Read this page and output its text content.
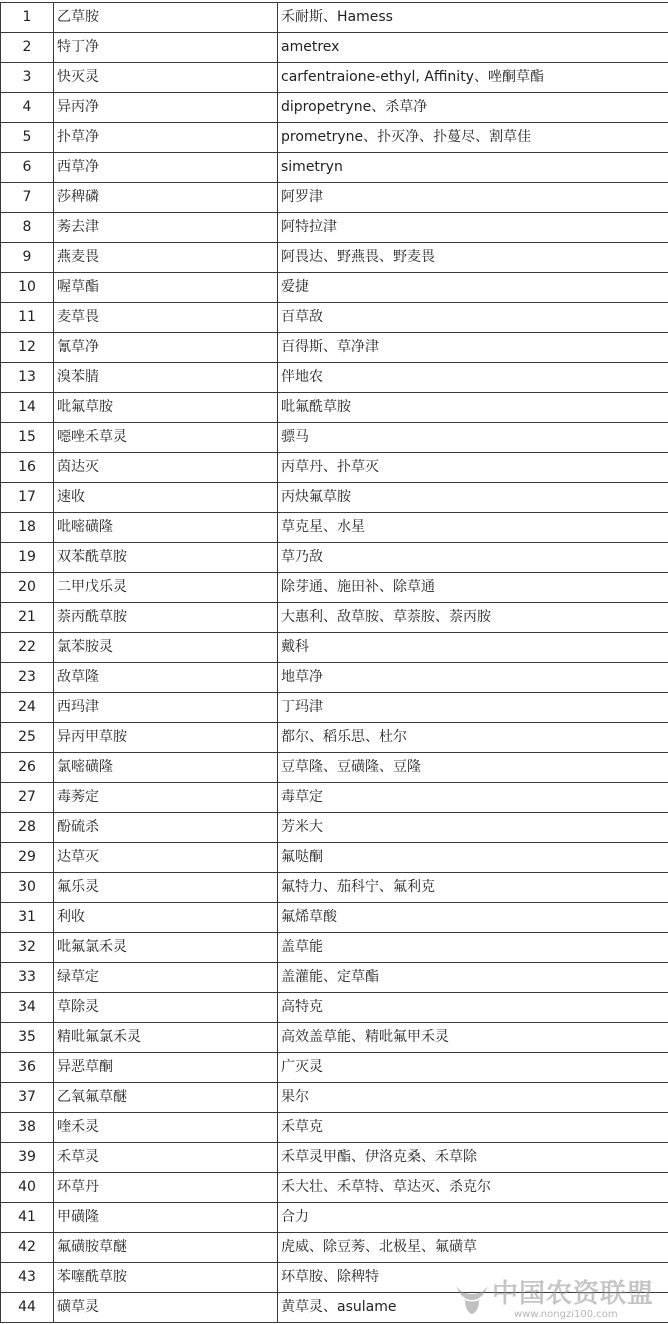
1	乙草胺	禾耐斯、Hamess
2	特丁净	ametrex
3	快灭灵	carfentraione-ethyl, Affinity、唑酮草酯
4	异丙净	dipropetryne、杀草净
5	扑草净	prometryne、扑灭净、扑蔓尽、割草佳
6	西草净	simetryn
7	莎稗磷	阿罗津
8	莠去津	阿特拉津
9	燕麦畏	阿畏达、野燕畏、野麦畏
10	喔草酯	爱捷
11	麦草畏	百草敌
12	氰草净	百得斯、草净津
13	溴苯腈	伴地农
14	吡氟草胺	吡氟酰草胺
15	噁唑禾草灵	骠马
16	茵达灭	丙草丹、扑草灭
17	速收	丙炔氟草胺
18	吡嘧磺隆	草克星、水星
19	双苯酰草胺	草乃敌
20	二甲戊乐灵	除芽通、施田补、除草通
21	萘丙酰草胺	大惠利、敌草胺、草萘胺、萘丙胺
22	氯苯胺灵	戴科
23	敌草隆	地草净
24	西玛津	丁玛津
25	异丙甲草胺	都尔、稻乐思、杜尔
26	氯嘧磺隆	豆草隆、豆磺隆、豆隆
27	毒莠定	毒草定
28	酚硫杀	芳米大
29	达草灭	氟哒酮
30	氟乐灵	氟特力、茄科宁、氟利克
31	利收	氟烯草酸
32	吡氟氯禾灵	盖草能
33	绿草定	盖灌能、定草酯
34	草除灵	高特克
35	精吡氟氯禾灵	高效盖草能、精吡氟甲禾灵
36	异恶草酮	广灭灵
37	乙氧氟草醚	果尔
38	喹禾灵	禾草克
39	禾草灵	禾草灵甲酯、伊洛克桑、禾草除
40	环草丹	禾大壮、禾草特、草达灭、杀克尔
41	甲磺隆	合力
42	氟磺胺草醚	虎威、除豆莠、北极星、氟磺草
43	苯噻酰草胺	环草胺、除稗特
44	磺草灵	黄草灵、asulame	中国农资联盟
www.nongzi100.com
